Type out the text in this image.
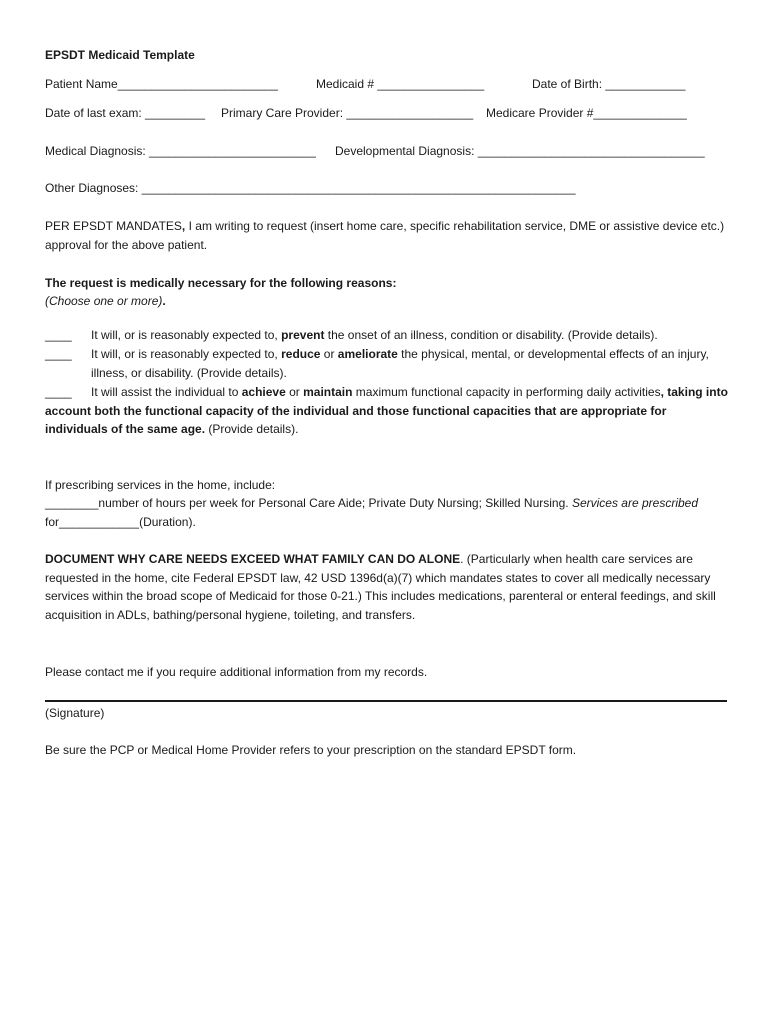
EPSDT Medicaid Template
Patient Name________________________	Medicaid # ________________	Date of Birth: ____________
Date of last exam: _________ Primary Care Provider: ___________________ Medicare Provider #______________
Medical Diagnosis: _________________________ Developmental Diagnosis: __________________________________
Other Diagnoses: _________________________________________________________________
PER EPSDT MANDATES, I am writing to request (insert home care, specific rehabilitation service, DME or assistive device etc.) approval for the above patient.
The request is medically necessary for the following reasons:
(Choose one or more).
____ It will, or is reasonably expected to, prevent the onset of an illness, condition or disability. (Provide details).
____ It will, or is reasonably expected to, reduce or ameliorate the physical, mental, or developmental effects of an injury, illness, or disability. (Provide details).
____	It will assist the individual to achieve or maintain maximum functional capacity in performing daily activities, taking into account both the functional capacity of the individual and those functional capacities that are appropriate for individuals of the same age. (Provide details).
If prescribing services in the home, include:
________number of hours per week for Personal Care Aide; Private Duty Nursing; Skilled Nursing. Services are prescribed for____________(Duration).
DOCUMENT WHY CARE NEEDS EXCEED WHAT FAMILY CAN DO ALONE. (Particularly when health care services are requested in the home, cite Federal EPSDT law, 42 USD 1396d(a)(7) which mandates states to cover all medically necessary services within the broad scope of Medicaid for those 0-21.) This includes medications, parenteral or enteral feedings, and skill acquisition in ADLs, bathing/personal hygiene, toileting, and transfers.
Please contact me if you require additional information from my records.
(Signature)
Be sure the PCP or Medical Home Provider refers to your prescription on the standard EPSDT form.
